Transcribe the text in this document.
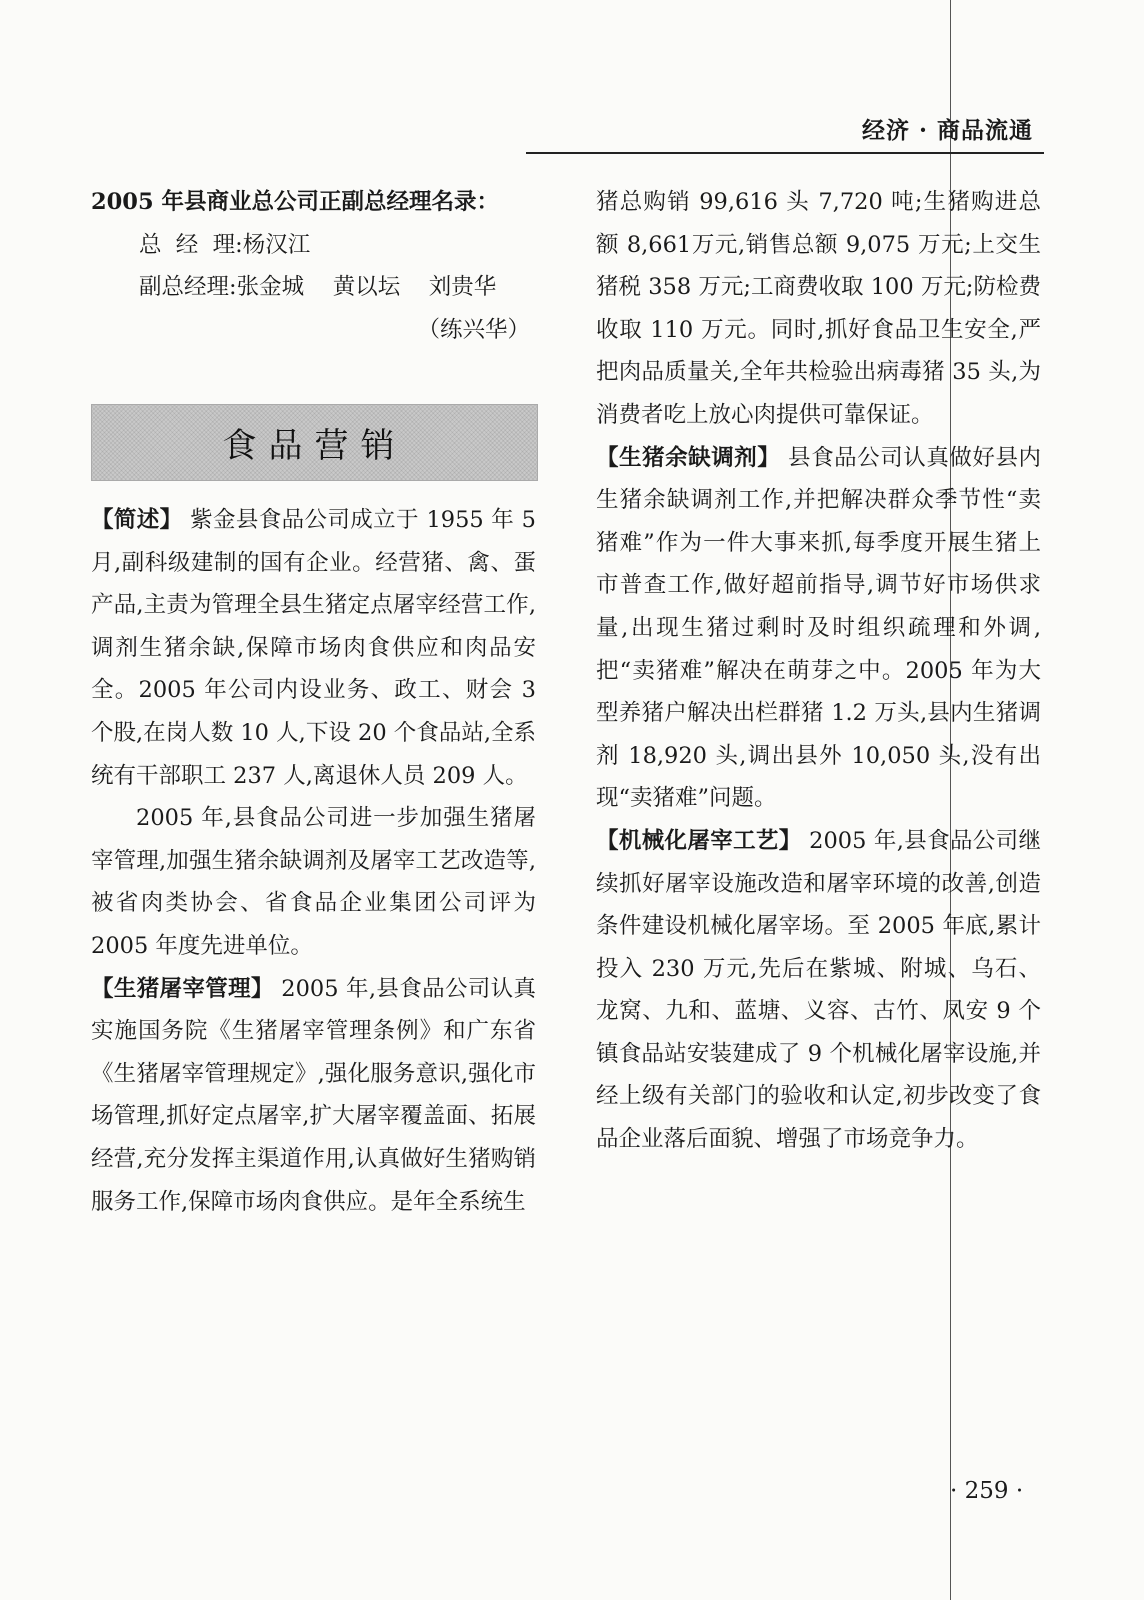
经济 · 商品流通

2005 年县商业总公司正副总经理名录：

总  经  理:杨汉江

副总经理:张金城    黄以坛    刘贵华

（练兴华）

食品营销

【简述】 紫金县食品公司成立于 1955 年 5 月,副科级建制的国有企业。经营猪、禽、蛋产品,主责为管理全县生猪定点屠宰经营工作,调剂生猪余缺,保障市场肉食供应和肉品安全。2005 年公司内设业务、政工、财会 3 个股,在岗人数 10 人,下设 20 个食品站,全系统有干部职工 237 人,离退休人员 209 人。

2005 年,县食品公司进一步加强生猪屠宰管理,加强生猪余缺调剂及屠宰工艺改造等,被省肉类协会、省食品企业集团公司评为 2005 年度先进单位。

【生猪屠宰管理】 2005 年,县食品公司认真实施国务院《生猪屠宰管理条例》和广东省《生猪屠宰管理规定》,强化服务意识,强化市场管理,抓好定点屠宰,扩大屠宰覆盖面、拓展经营,充分发挥主渠道作用,认真做好生猪购销服务工作,保障市场肉食供应。是年全系统生

猪总购销 99,616 头 7,720 吨;生猪购进总额 8,661万元,销售总额 9,075 万元;上交生猪税 358 万元;工商费收取 100 万元;防检费收取 110 万元。同时,抓好食品卫生安全,严把肉品质量关,全年共检验出病毒猪 35 头,为消费者吃上放心肉提供可靠保证。

【生猪余缺调剂】 县食品公司认真做好县内生猪余缺调剂工作,并把解决群众季节性“卖猪难”作为一件大事来抓,每季度开展生猪上市普查工作,做好超前指导,调节好市场供求量,出现生猪过剩时及时组织疏理和外调,把“卖猪难”解决在萌芽之中。2005 年为大型养猪户解决出栏群猪 1.2 万头,县内生猪调剂 18,920 头,调出县外 10,050 头,没有出现“卖猪难”问题。

【机械化屠宰工艺】 2005 年,县食品公司继续抓好屠宰设施改造和屠宰环境的改善,创造条件建设机械化屠宰场。至 2005 年底,累计投入 230 万元,先后在紫城、附城、乌石、龙窝、九和、蓝塘、义容、古竹、凤安 9 个镇食品站安装建成了 9 个机械化屠宰设施,并经上级有关部门的验收和认定,初步改变了食品企业落后面貌、增强了市场竞争力。

· 259 ·
